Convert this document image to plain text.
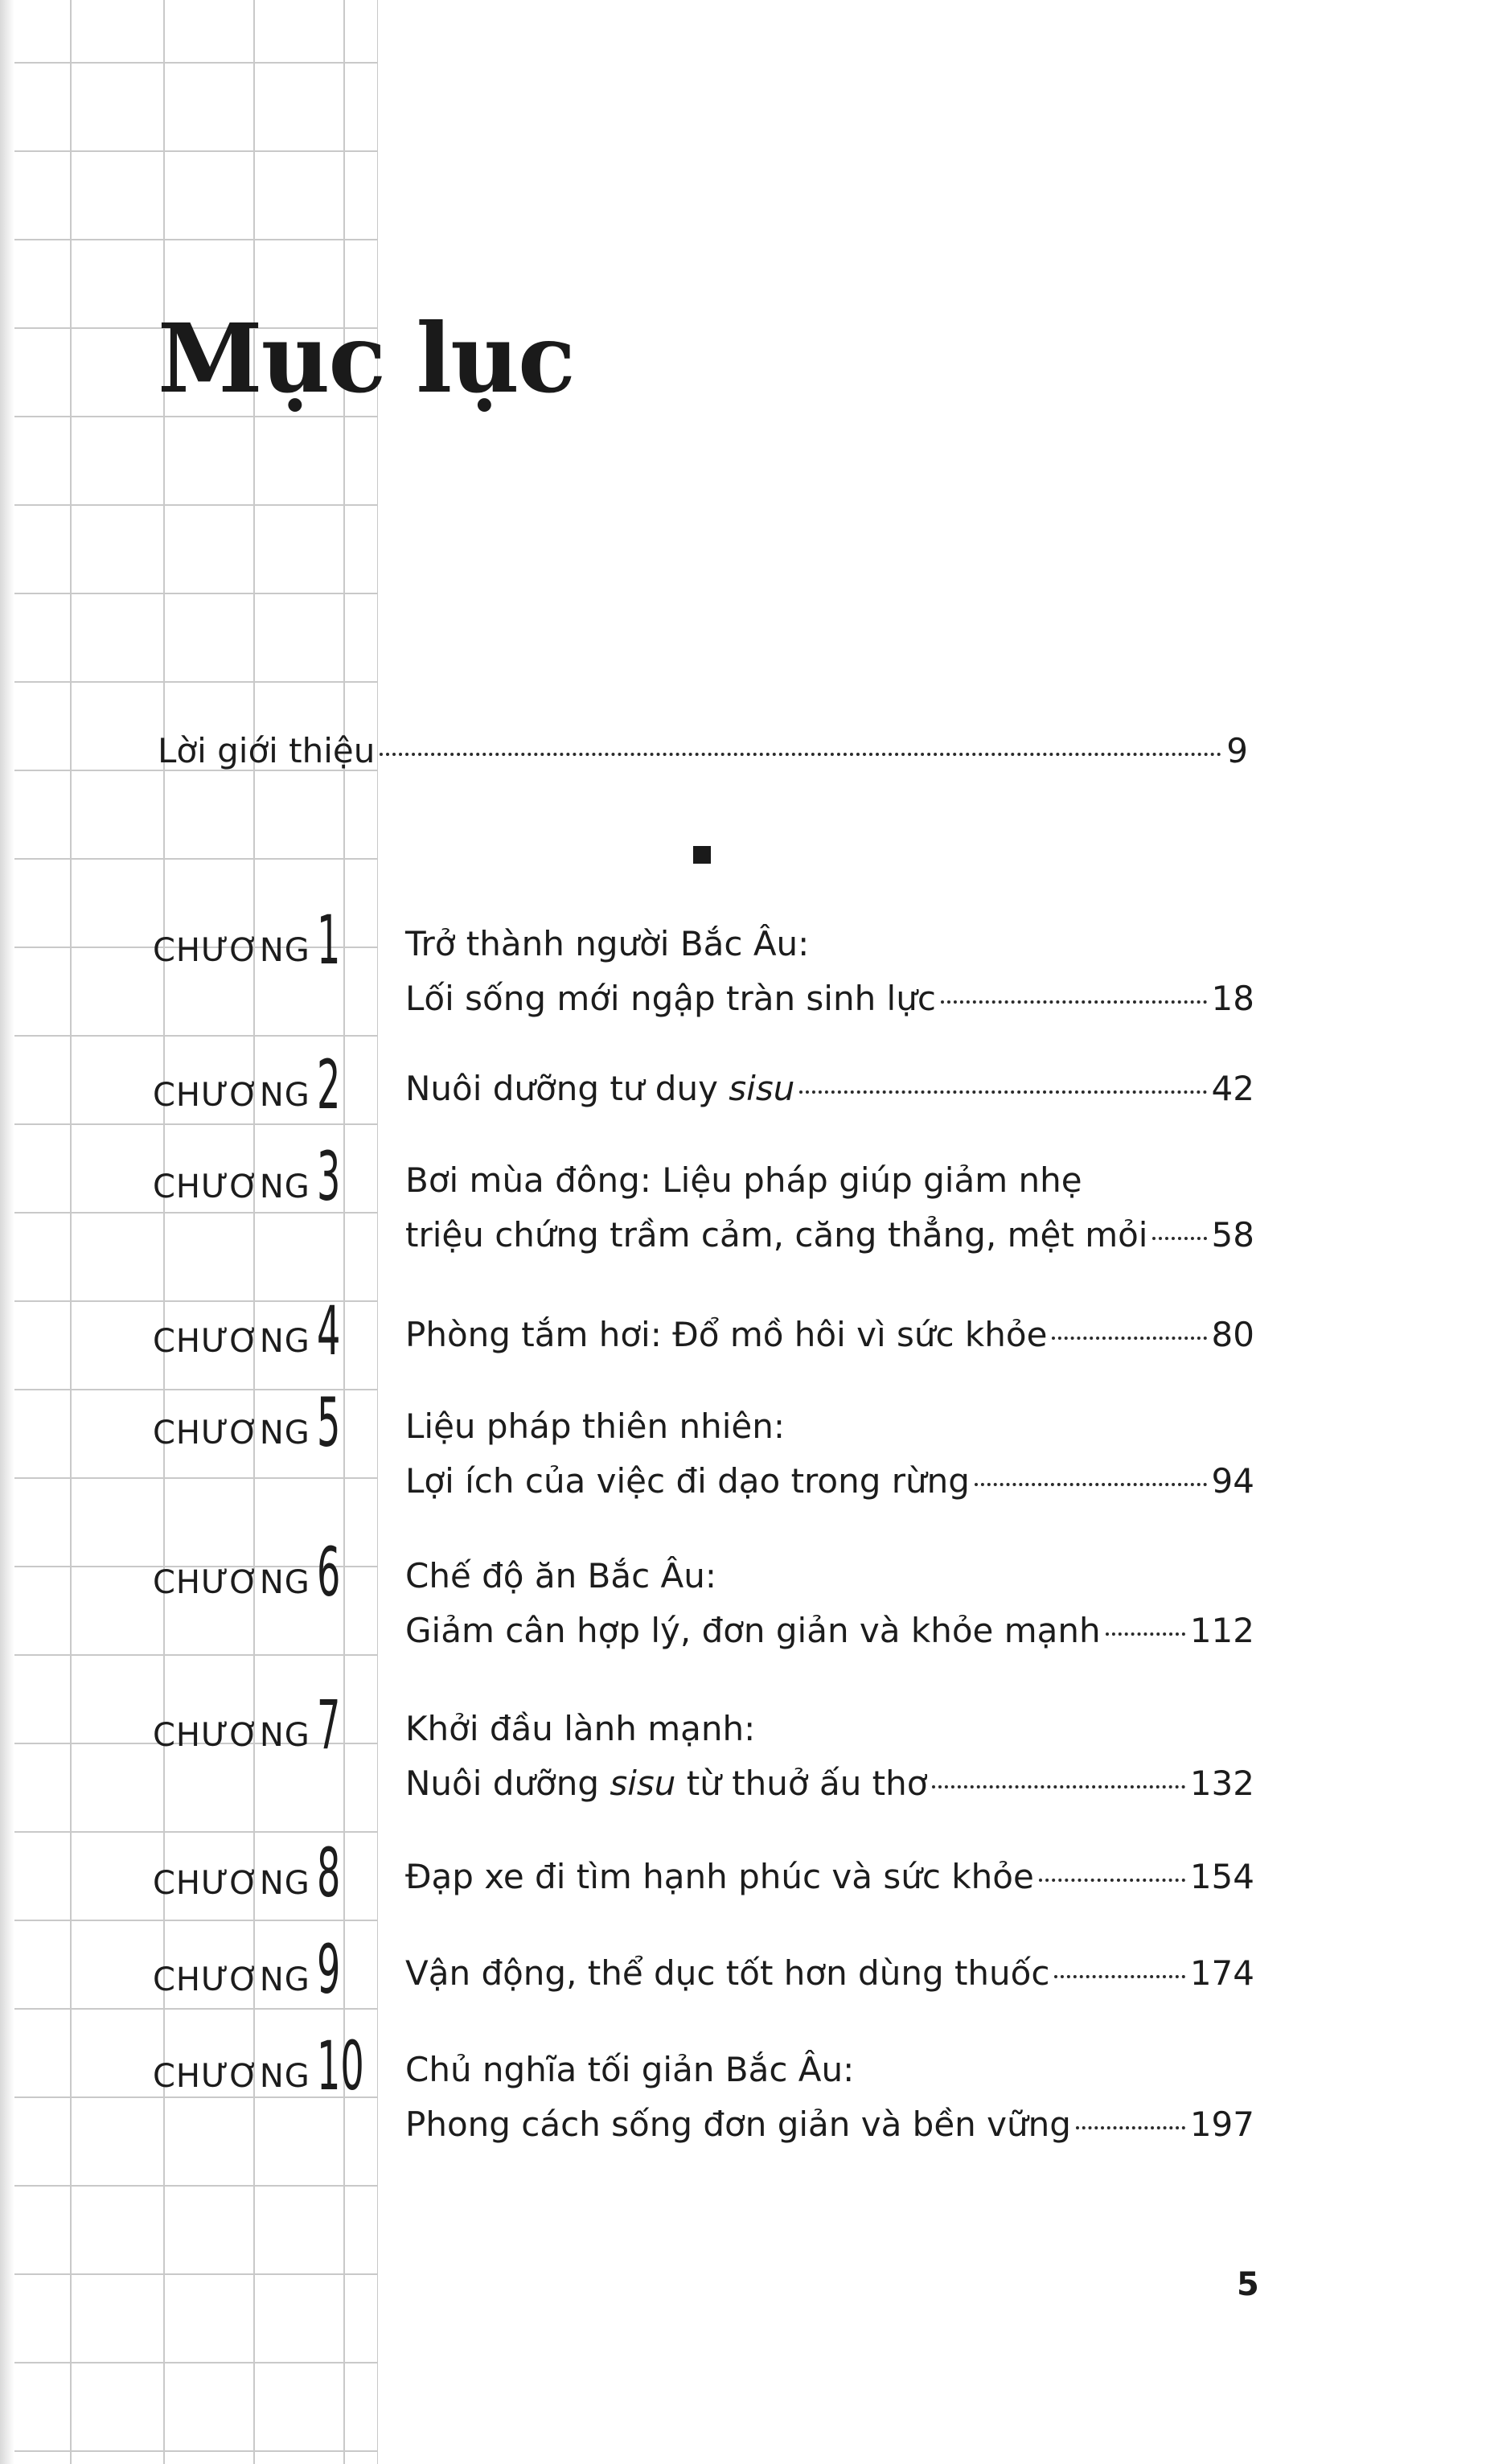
Mục lục
Lời giới thiệu	9
CHƯƠNG 1 Trở thành người Bắc Âu:
Lối sống mới ngập tràn sinh lực	18
CHƯƠNG 2 Nuôi dưỡng tư duy sisu	42
CHƯƠNG 3 Bơi mùa đông: Liệu pháp giúp giảm nhẹ
triệu chứng trầm cảm, căng thẳng, mệt mỏi 58
CHƯƠNG 4 Phòng tắm hơi: Đổ mồ hôi vì sức khỏe	80
CHƯƠNG 5 Liệu pháp thiên nhiên:
Lợi ích của việc đi dạo trong rừng	94
CHƯƠNG 6 Chế độ ăn Bắc Âu:
Giảm cân hợp lý, đơn giản và khỏe mạnh	112
CHƯƠNG 7 Khởi đầu lành mạnh:
Nuôi dưỡng sisu từ thuở ấu thơ	132
CHƯƠNG 8 Đạp xe đi tìm hạnh phúc và sức khỏe	154
CHƯƠNG 9 Vận động, thể dục tốt hơn dùng thuốc	174
CHƯƠNG 10 Chủ nghĩa tối giản Bắc Âu:
Phong cách sống đơn giản và bền vững	197
5
